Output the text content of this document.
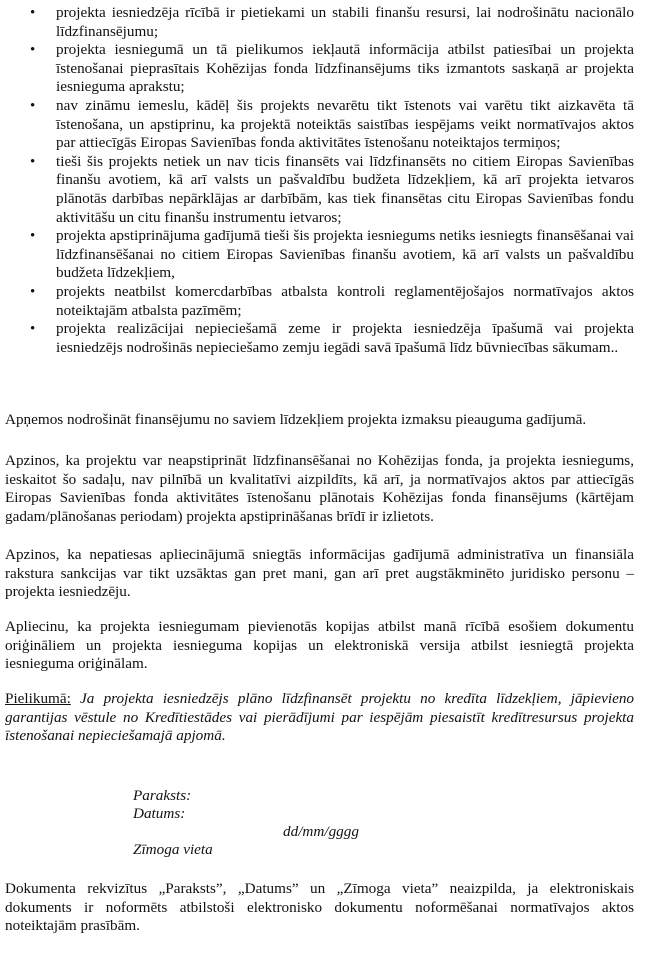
• projekta iesniedzēja rīcībā ir pietiekami un stabili finanšu resursi, lai nodrošinātu nacionālo līdzfinansējumu;
• projekta iesniegumā un tā pielikumos iekļautā informācija atbilst patiesībai un projekta īstenošanai pieprasītais Kohēzijas fonda līdzfinansējums tiks izmantots saskaņā ar projekta iesnieguma aprakstu;
• nav zināmu iemeslu, kādēļ šis projekts nevarētu tikt īstenots vai varētu tikt aizkavēta tā īstenošana, un apstiprinu, ka projektā noteiktās saistības iespējams veikt normatīvajos aktos par attiecīgās Eiropas Savienības fonda aktivitātes īstenošanu noteiktajos termiņos;
• tieši šis projekts netiek un nav ticis finansēts vai līdzfinansēts no citiem Eiropas Savienības finanšu avotiem, kā arī valsts un pašvaldību budžeta līdzekļiem, kā arī projekta ietvaros plānotās darbības nepārklājas ar darbībām, kas tiek finansētas citu Eiropas Savienības fondu aktivitāšu un citu finanšu instrumentu ietvaros;
• projekta apstiprinājuma gadījumā tieši šis projekta iesniegums netiks iesniegts finansēšanai vai līdzfinansēšanai no citiem Eiropas Savienības finanšu avotiem, kā arī valsts un pašvaldību budžeta līdzekļiem,
• projekts neatbilst komercdarbības atbalsta kontroli reglamentējošajos normatīvajos aktos noteiktajām atbalsta pazīmēm;
• projekta realizācijai nepieciešamā zeme ir projekta iesniedzēja īpašumā vai projekta iesniedzējs nodrošinās nepieciešamo zemju iegādi savā īpašumā līdz būvniecības sākumam..

Apņemos nodrošināt finansējumu no saviem līdzekļiem projekta izmaksu pieauguma gadījumā.

Apzinos, ka projektu var neapstiprināt līdzfinansēšanai no Kohēzijas fonda, ja projekta iesniegums, ieskaitot šo sadaļu, nav pilnībā un kvalitatīvi aizpildīts, kā arī, ja normatīvajos aktos par attiecīgās Eiropas Savienības fonda aktivitātes īstenošanu plānotais Kohēzijas fonda finansējums (kārtējam gadam/plānošanas periodam) projekta apstiprināšanas brīdī ir izlietots.

Apzinos, ka nepatiesas apliecinājumā sniegtās informācijas gadījumā administratīva un finansiāla rakstura sankcijas var tikt uzsāktas gan pret mani, gan arī pret augstākminēto juridisko personu – projekta iesniedzēju.

Apliecinu, ka projekta iesniegumam pievienotās kopijas atbilst manā rīcībā esošiem dokumentu oriģināliem un projekta iesnieguma kopijas un elektroniskā versija atbilst iesniegtā projekta iesnieguma oriģinālam.

Pielikumā: Ja projekta iesniedzējs plāno līdzfinansēt projektu no kredīta līdzekļiem, jāpievieno garantijas vēstule no Kredītiestādes vai pierādījumi par iespējām piesaistīt kredītresursus projekta īstenošanai nepieciešamajā apjomā.

Paraksts:
Datums:
dd/mm/gggg
Zīmoga vieta

Dokumenta rekvizītus „Paraksts”, „Datums” un „Zīmoga vieta” neaizpilda, ja elektroniskais dokuments ir noformēts atbilstoši elektronisko dokumentu noformēšanai normatīvajos aktos noteiktajām prasībām.
